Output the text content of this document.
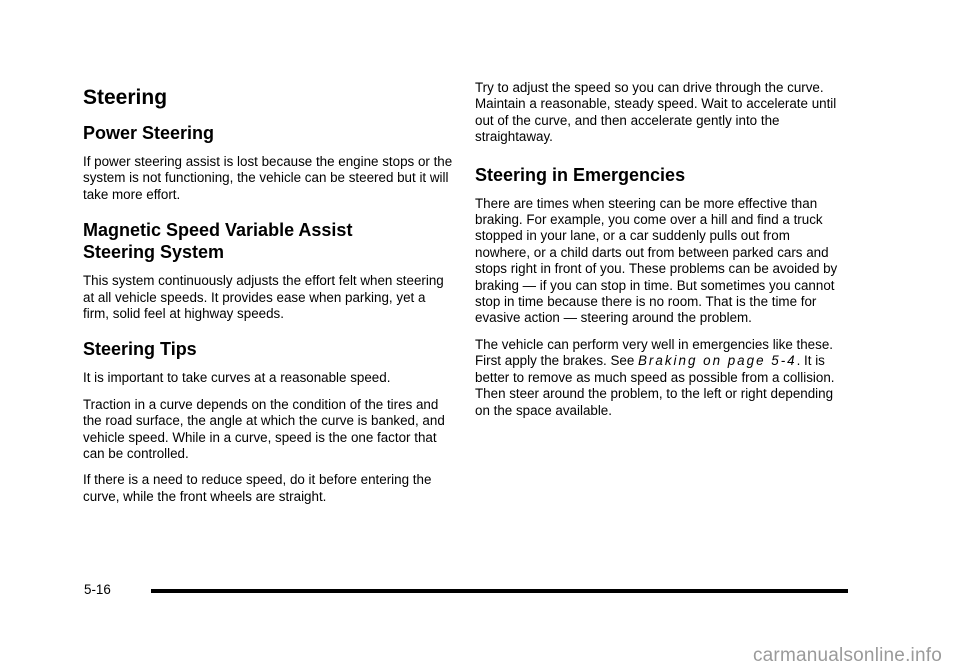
Steering
Power Steering

If power steering assist is lost because the engine stops or the system is not functioning, the vehicle can be steered but it will take more effort.

Magnetic Speed Variable Assist
Steering System

This system continuously adjusts the effort felt when steering at all vehicle speeds. It provides ease when parking, yet a firm, solid feel at highway speeds.

Steering Tips

It is important to take curves at a reasonable speed.

Traction in a curve depends on the condition of the tires and the road surface, the angle at which the curve is banked, and vehicle speed. While in a curve, speed is the one factor that can be controlled.

If there is a need to reduce speed, do it before entering the curve, while the front wheels are straight.

Try to adjust the speed so you can drive through the curve. Maintain a reasonable, steady speed. Wait to accelerate until out of the curve, and then accelerate gently into the straightaway.

Steering in Emergencies

There are times when steering can be more effective than braking. For example, you come over a hill and find a truck stopped in your lane, or a car suddenly pulls out from nowhere, or a child darts out from between parked cars and stops right in front of you. These problems can be avoided by braking — if you can stop in time. But sometimes you cannot stop in time because there is no room. That is the time for evasive action — steering around the problem.

The vehicle can perform very well in emergencies like these. First apply the brakes. See Braking on page 5‑4. It is better to remove as much speed as possible from a collision. Then steer around the problem, to the left or right depending on the space available.

5-16
carmanualsonline.info
